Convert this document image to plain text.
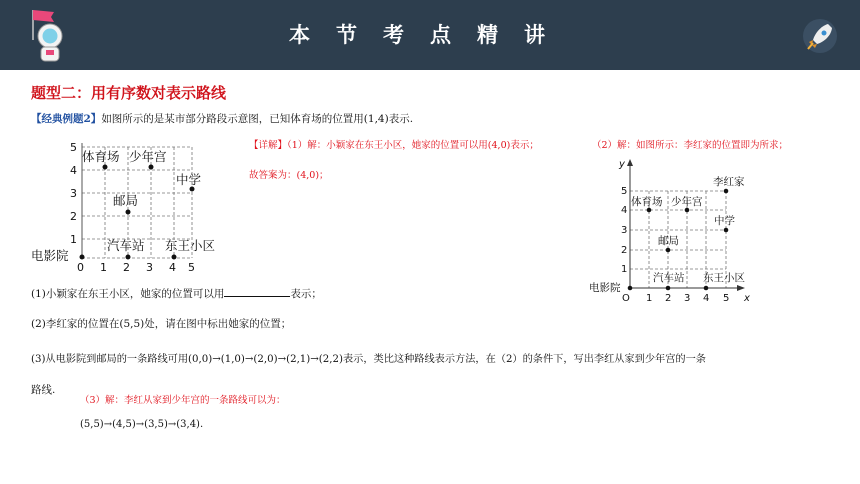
本节考点精讲
题型二：用有序数对表示路线
【经典例题2】如图所示的是某市部分路段示意图，已知体育场的位置用(1,4)表示.
5
4
3
2
1
0 1 2 3 4 5
体育场 少年宫
中学
邮局
汽车站 东王小区
电影院
(1)小颖家在东王小区，她家的位置可以用	表示；
(2)李红家的位置在(5,5)处，请在图中标出她家的位置；
(3)从电影院到邮局的一条路线可用(0,0)→(1,0)→(2,0)→(2,1)→(2,2)表示，类比这种路线表示方法，在（2）的条件下，写出李红从家到少年宫的一条
路线.
【详解】（1）解：小颖家在东王小区，她家的位置可以用(4,0)表示；
故答案为：(4,0)；
（2）解：如图所示：李红家的位置即为所求；
（3）解：李红从家到少年宫的一条路线可以为：
(5,5)→(4,5)→(3,5)→(3,4).
y
x
O
5
4
3
2
1
1 2 3 4 5
李红家
体育场 少年宫
中学
邮局
汽车站 东王小区
电影院
